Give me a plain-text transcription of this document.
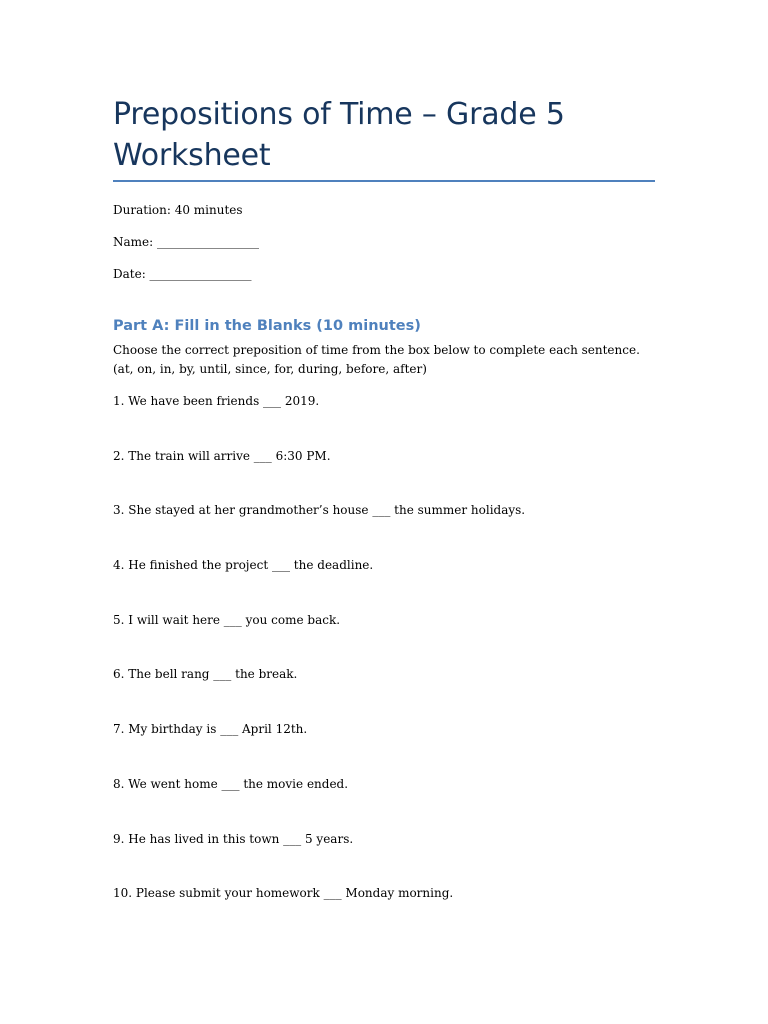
Prepositions of Time – Grade 5 Worksheet

Duration: 40 minutes

Name: _________________

Date: _________________

Part A: Fill in the Blanks (10 minutes)

Choose the correct preposition of time from the box below to complete each sentence.

(at, on, in, by, until, since, for, during, before, after)

1. We have been friends ___ 2019.
2. The train will arrive ___ 6:30 PM.
3. She stayed at her grandmother’s house ___ the summer holidays.
4. He finished the project ___ the deadline.
5. I will wait here ___ you come back.
6. The bell rang ___ the break.
7. My birthday is ___ April 12th.
8. We went home ___ the movie ended.
9. He has lived in this town ___ 5 years.
10. Please submit your homework ___ Monday morning.
